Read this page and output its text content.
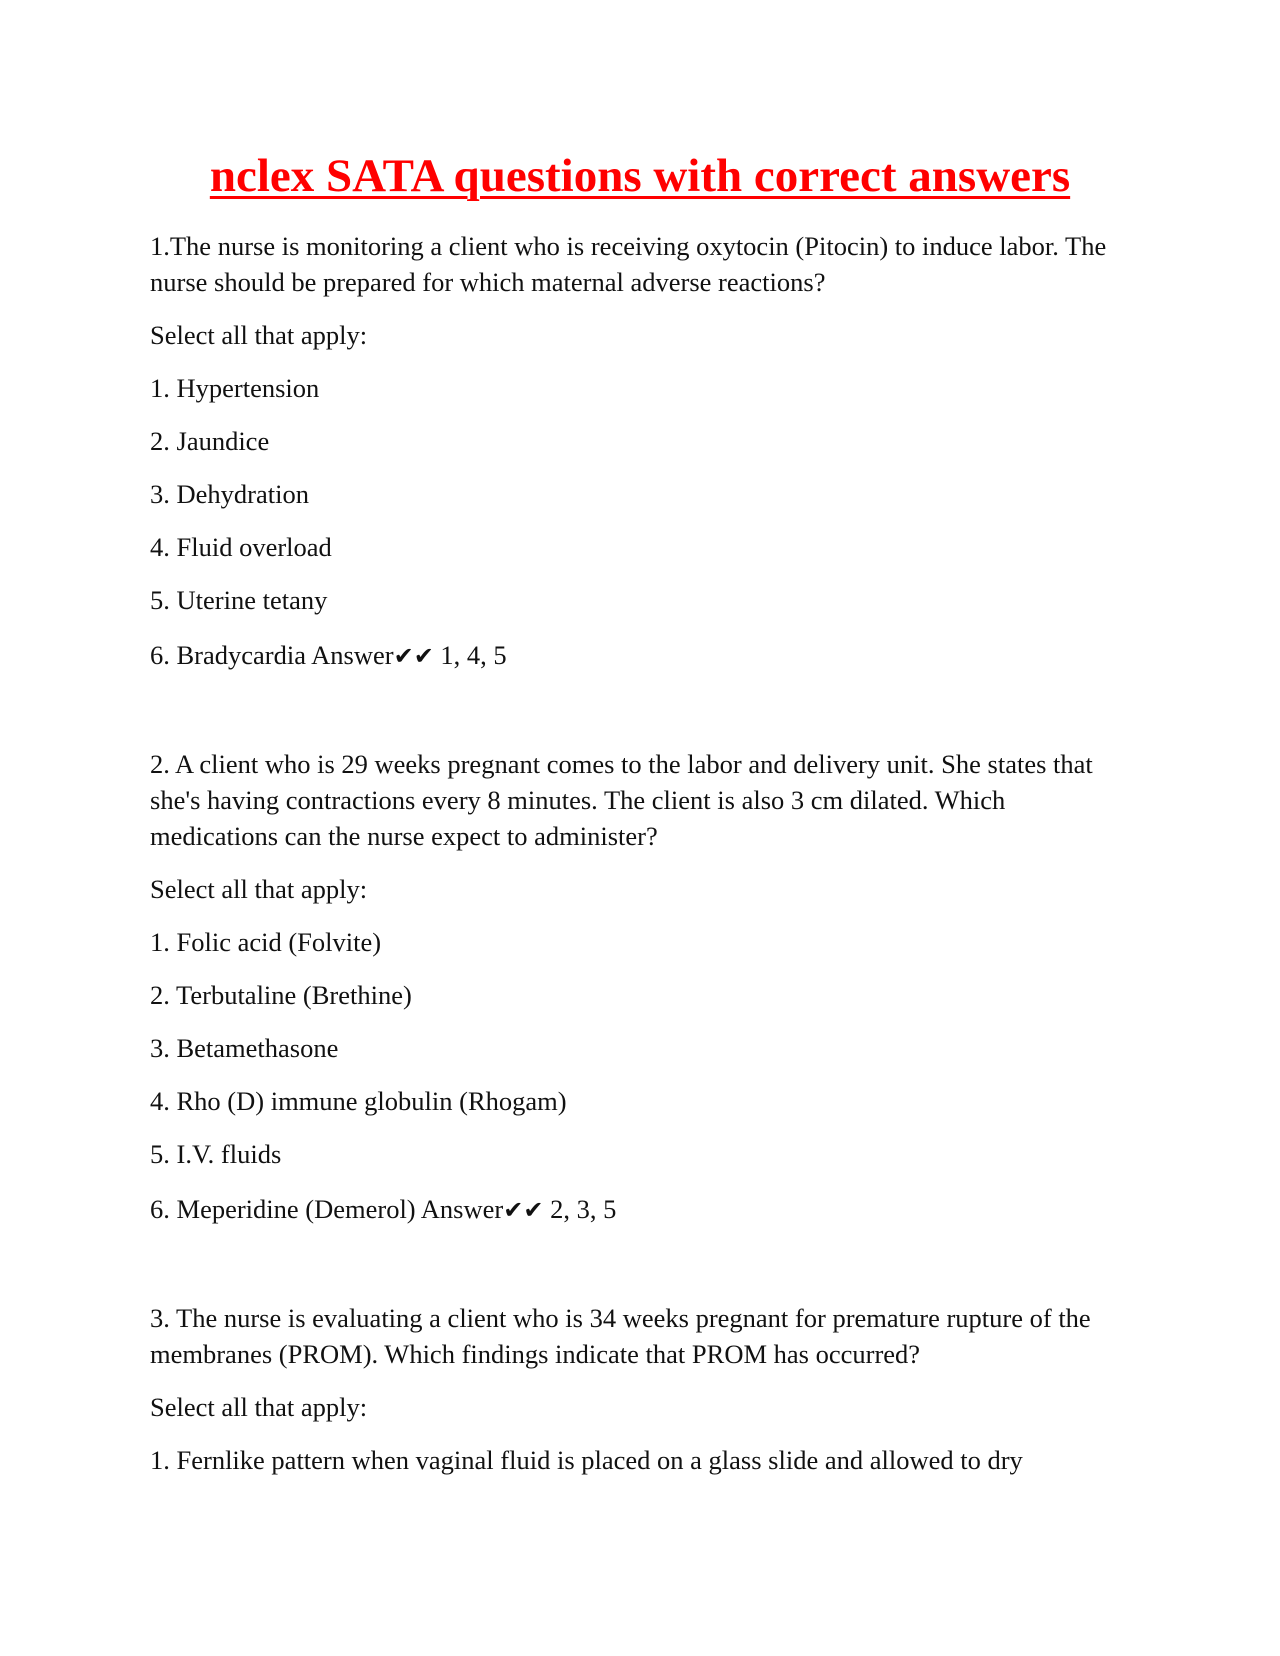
nclex SATA questions with correct answers

1.The nurse is monitoring a client who is receiving oxytocin (Pitocin) to induce labor. The nurse should be prepared for which maternal adverse reactions?

Select all that apply:

1. Hypertension

2. Jaundice

3. Dehydration

4. Fluid overload

5. Uterine tetany

6. Bradycardia Answer✔✔ 1, 4, 5

2. A client who is 29 weeks pregnant comes to the labor and delivery unit. She states that she's having contractions every 8 minutes. The client is also 3 cm dilated. Which medications can the nurse expect to administer?

Select all that apply:

1. Folic acid (Folvite)

2. Terbutaline (Brethine)

3. Betamethasone

4. Rho (D) immune globulin (Rhogam)

5. I.V. fluids

6. Meperidine (Demerol) Answer✔✔ 2, 3, 5

3. The nurse is evaluating a client who is 34 weeks pregnant for premature rupture of the membranes (PROM). Which findings indicate that PROM has occurred?

Select all that apply:

1. Fernlike pattern when vaginal fluid is placed on a glass slide and allowed to dry
